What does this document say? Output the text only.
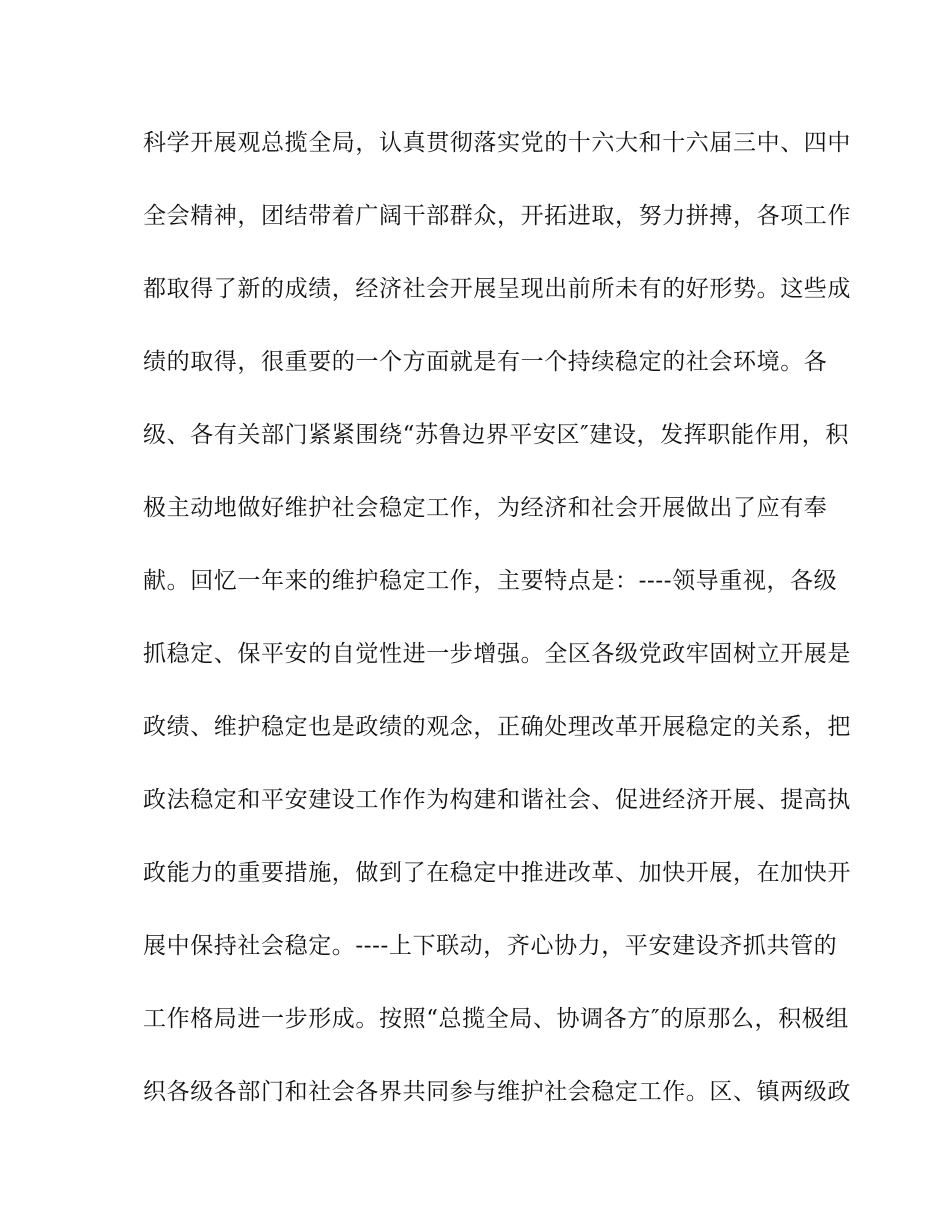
科学开展观总揽全局，认真贯彻落实党的十六大和十六届三中、四中
全会精神，团结带着广阔干部群众，开拓进取，努力拼搏，各项工作
都取得了新的成绩，经济社会开展呈现出前所未有的好形势。这些成
绩的取得，很重要的一个方面就是有一个持续稳定的社会环境。各
级、各有关部门紧紧围绕“苏鲁边界平安区″建设，发挥职能作用，积
极主动地做好维护社会稳定工作，为经济和社会开展做出了应有奉
献。回忆一年来的维护稳定工作，主要特点是：----领导重视，各级
抓稳定、保平安的自觉性进一步增强。全区各级党政牢固树立开展是
政绩、维护稳定也是政绩的观念，正确处理改革开展稳定的关系，把
政法稳定和平安建设工作作为构建和谐社会、促进经济开展、提高执
政能力的重要措施，做到了在稳定中推进改革、加快开展，在加快开
展中保持社会稳定。----上下联动，齐心协力，平安建设齐抓共管的
工作格局进一步形成。按照“总揽全局、协调各方″的原那么，积极组
织各级各部门和社会各界共同参与维护社会稳定工作。区、镇两级政
